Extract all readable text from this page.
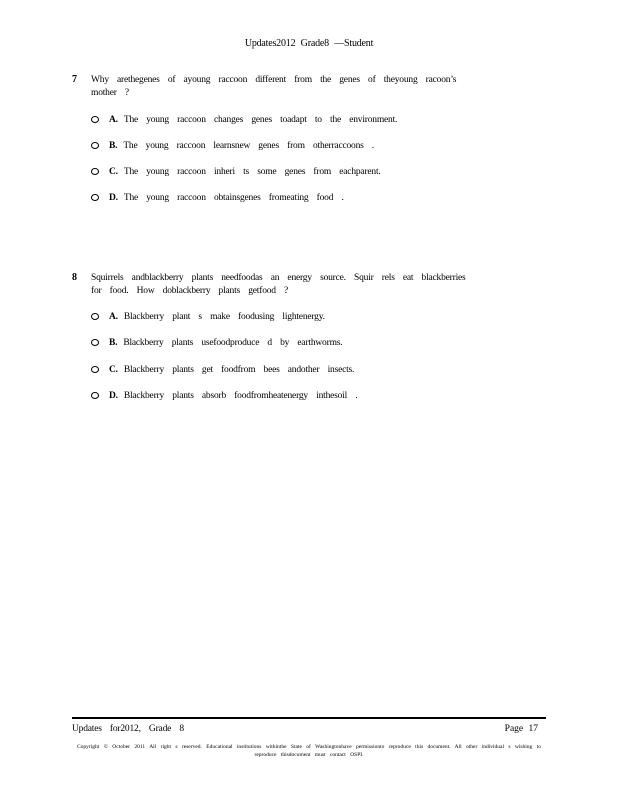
Updates2012 Grade8 —Student
7 Why arethegenes of ayoung raccoon different from the genes of theyoung racoon’s mother ?
A. The young raccoon changes genes toadapt to the environment.
B. The young raccoon learnsnew genes from otherraccoons .
C. The young raccoon inheri ts some genes from eachparent.
D. The young raccoon obtainsgenes fromeating food .
8 Squirrels andblackberry plants needfoodas an energy source. Squir rels eat blackberries for food. How doblackberry plants getfood ?
A. Blackberry plant s make foodusing lightenergy.
B. Blackberry plants usefoodproduce d by earthworms.
C. Blackberry plants get foodfrom bees andother insects.
D. Blackberry plants absorb foodfromheatenergy inthesoil .
Updates for2012, Grade 8	Page 17
Copyright © October 2011 All right s reserved. Educational institutions withinthe State of Washingtonhave permissionto reproduce this document. All other individual s wishing to reproduce thisdocument must contact OSPI.
